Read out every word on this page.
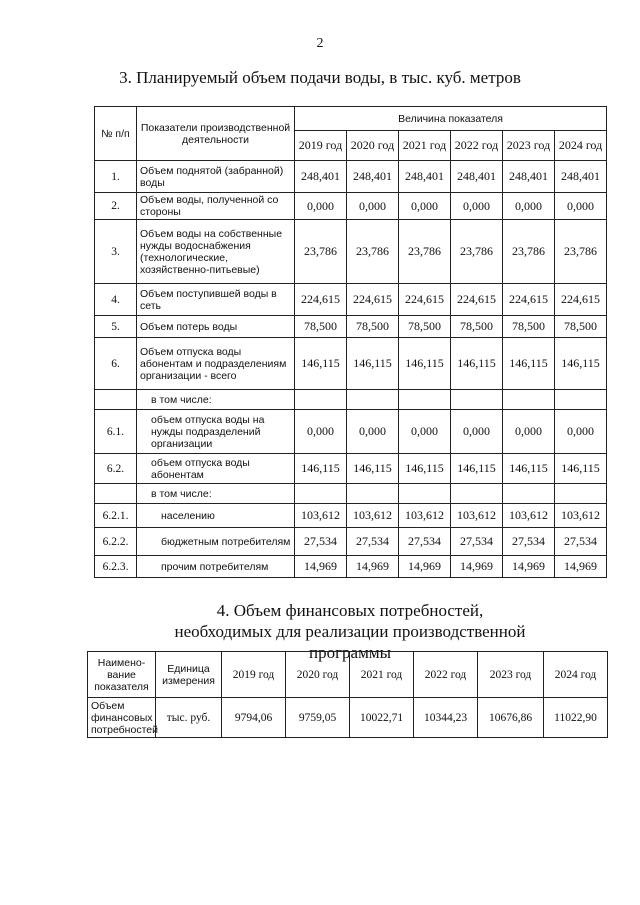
2
3. Планируемый объем подачи воды, в тыс. куб. метров
№ п/п	Показатели производственной деятельности	Величина показателя					
		2019 год	2020 год	2021 год	2022 год	2023 год	2024 год
1.	Объем поднятой (забранной) воды	248,401	248,401	248,401	248,401	248,401	248,401
2.	Объем воды, полученной со стороны	0,000	0,000	0,000	0,000	0,000	0,000
3.	Объем воды на собственные нужды водоснабжения (технологические, хозяйственно-питьевые)	23,786	23,786	23,786	23,786	23,786	23,786
4.	Объем поступившей воды в сеть	224,615	224,615	224,615	224,615	224,615	224,615
5.	Объем потерь воды	78,500	78,500	78,500	78,500	78,500	78,500
6.	Объем отпуска воды абонентам и подразделениям организации - всего	146,115	146,115	146,115	146,115	146,115	146,115
	в том числе:						
6.1.	объем отпуска воды на нужды подразделений организации	0,000	0,000	0,000	0,000	0,000	0,000
6.2.	объем отпуска воды абонентам	146,115	146,115	146,115	146,115	146,115	146,115
	в том числе:						
6.2.1.	населению	103,612	103,612	103,612	103,612	103,612	103,612
6.2.2.	бюджетным потребителям	27,534	27,534	27,534	27,534	27,534	27,534
6.2.3.	прочим потребителям	14,969	14,969	14,969	14,969	14,969	14,969
4. Объем финансовых потребностей,
необходимых для реализации производственной программы
Наимено-вание показателя	Единица измерения	2019 год	2020 год	2021 год	2022 год	2023 год	2024 год
Объем финансовых потребностей	тыс. руб.	9794,06	9759,05	10022,71	10344,23	10676,86	11022,90
